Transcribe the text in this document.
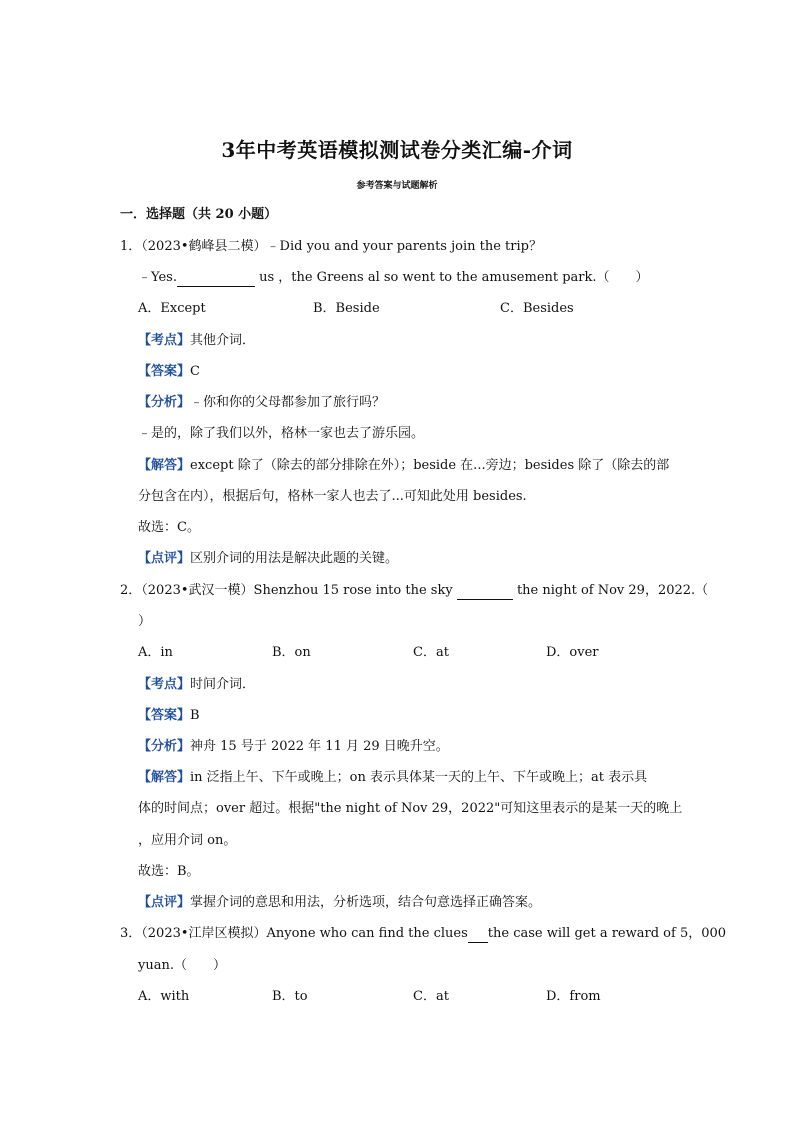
3年中考英语模拟测试卷分类汇编-介词
参考答案与试题解析
一．选择题（共 20 小题）
1．（2023•鹤峰县二模）﹣Did you and your parents join the trip？
﹣Yes.	us ，the Greens al so went to the amusement park.（　　）
A．Except	B．Beside	C．Besides
【考点】其他介词．
【答案】C
【分析】﹣你和你的父母都参加了旅行吗？
﹣是的，除了我们以外，格林一家也去了游乐园。
【解答】except 除了（除去的部分排除在外）；beside 在...旁边；besides 除了（除去的部
分包含在内），根据后句，格林一家人也去了...可知此处用 besides.
故选：C。
【点评】区别介词的用法是解决此题的关键。
2．（2023•武汉一模）Shenzhou 15 rose into the sky	the night of Nov 29，2022.（
）
A．in	B．on	C．at	D．over
【考点】时间介词．
【答案】B
【分析】神舟 15 号于 2022 年 11 月 29 日晚升空。
【解答】in 泛指上午、下午或晚上；on 表示具体某一天的上午、下午或晚上；at 表示具
体的时间点；over 超过。根据"the night of Nov 29，2022"可知这里表示的是某一天的晚上
，应用介词 on。
故选：B。
【点评】掌握介词的意思和用法，分析选项，结合句意选择正确答案。
3．（2023•江岸区模拟）Anyone who can find the clues the case will get a reward of 5，000
yuan.（　　）
A．with	B．to	C．at	D．from
